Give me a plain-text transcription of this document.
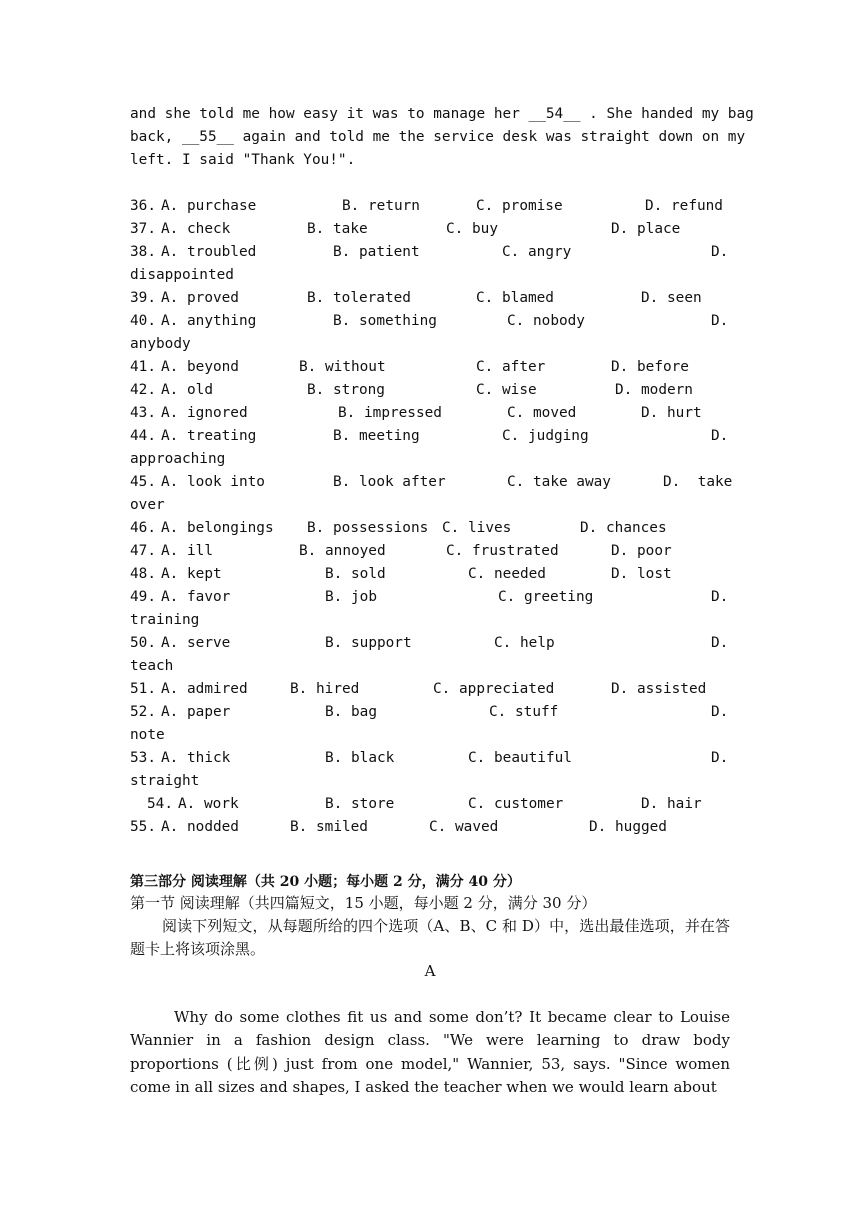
and she told me how easy it was to manage her __54__ . She handed my bag
back, __55__ again and told me the service desk was straight down on my
left. I said "Thank You!".
36. A. purchase	B. return	C. promise	D. refund
37. A. check	B. take	C. buy	D. place
38. A. troubled	B. patient	C. angry	D.
disappointed
39. A. proved	B. tolerated	C. blamed	D. seen
40. A. anything	B. something	C. nobody	D.
anybody
41. A. beyond	B. without	C. after	D. before
42. A. old	B. strong	C. wise	D. modern
43. A. ignored	B. impressed	C. moved	D. hurt
44. A. treating	B. meeting	C. judging	D.
approaching
45. A. look into	B. look after	C. take away	D.  take
over
46. A. belongings B. possessions C. lives	D. chances
47. A. ill	B. annoyed	C. frustrated	D. poor
48. A. kept	B. sold	C. needed	D. lost
49. A. favor	B. job	C. greeting	D.
training
50. A. serve	B. support	C. help	D.
teach
51. A. admired	B. hired	C. appreciated	D. assisted
52. A. paper	B. bag	C. stuff	D.
note
53. A. thick	B. black	C. beautiful	D.
straight
54. A. work	B. store	C. customer	D. hair
55. A. nodded	B. smiled	C. waved	D. hugged
第三部分 阅读理解（共 20 小题；每小题 2 分，满分 40 分）
第一节 阅读理解（共四篇短文，15 小题，每小题 2 分，满分 30 分）
阅读下列短文，从每题所给的四个选项（A、B、C 和 D）中，选出最佳选项，并在答题卡上将该项涂黑。
A
Why do some clothes fit us and some don’t? It became clear to Louise Wannier in a fashion design class. "We were learning to draw body proportions (比例) just from one model," Wannier, 53, says. "Since women come in all sizes and shapes, I asked the teacher when we would learn about
